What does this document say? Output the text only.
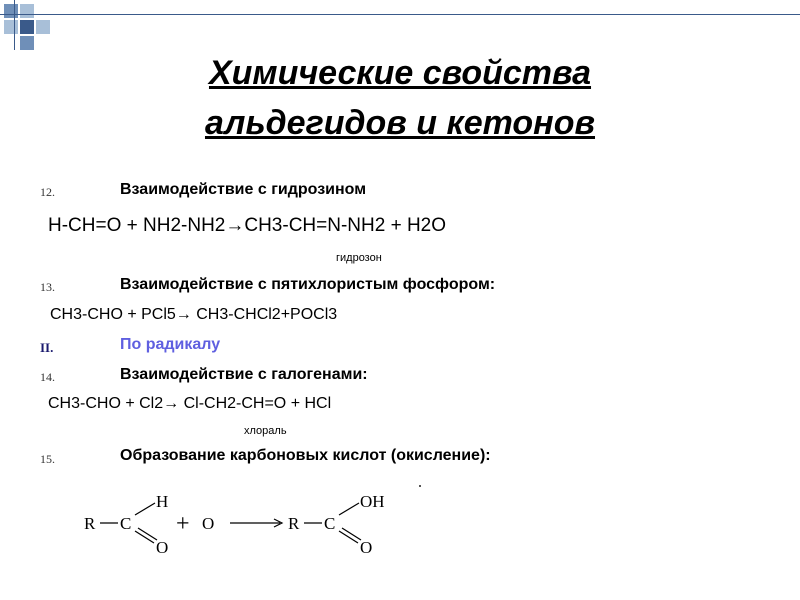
Химические свойства
альдегидов и кетонов
12.	Взаимодействие с гидрозином
H-CH=O + NH2-NH2→CH3-CH=N-NH2 + H2O
гидрозон
13.	Взаимодействие с пятихлористым фосфором:
CH3-CHO + PCl5→ CH3-CHCl2+POCl3
II.	По радикалу
14.	Взаимодействие с галогенами:
CH3-CHO + Cl2→ Cl-CH2-CH=O + HCl
хлораль
15.	Образование карбоновых кислот (окисление):
R C
H
O
+ O	R C
OH
O
